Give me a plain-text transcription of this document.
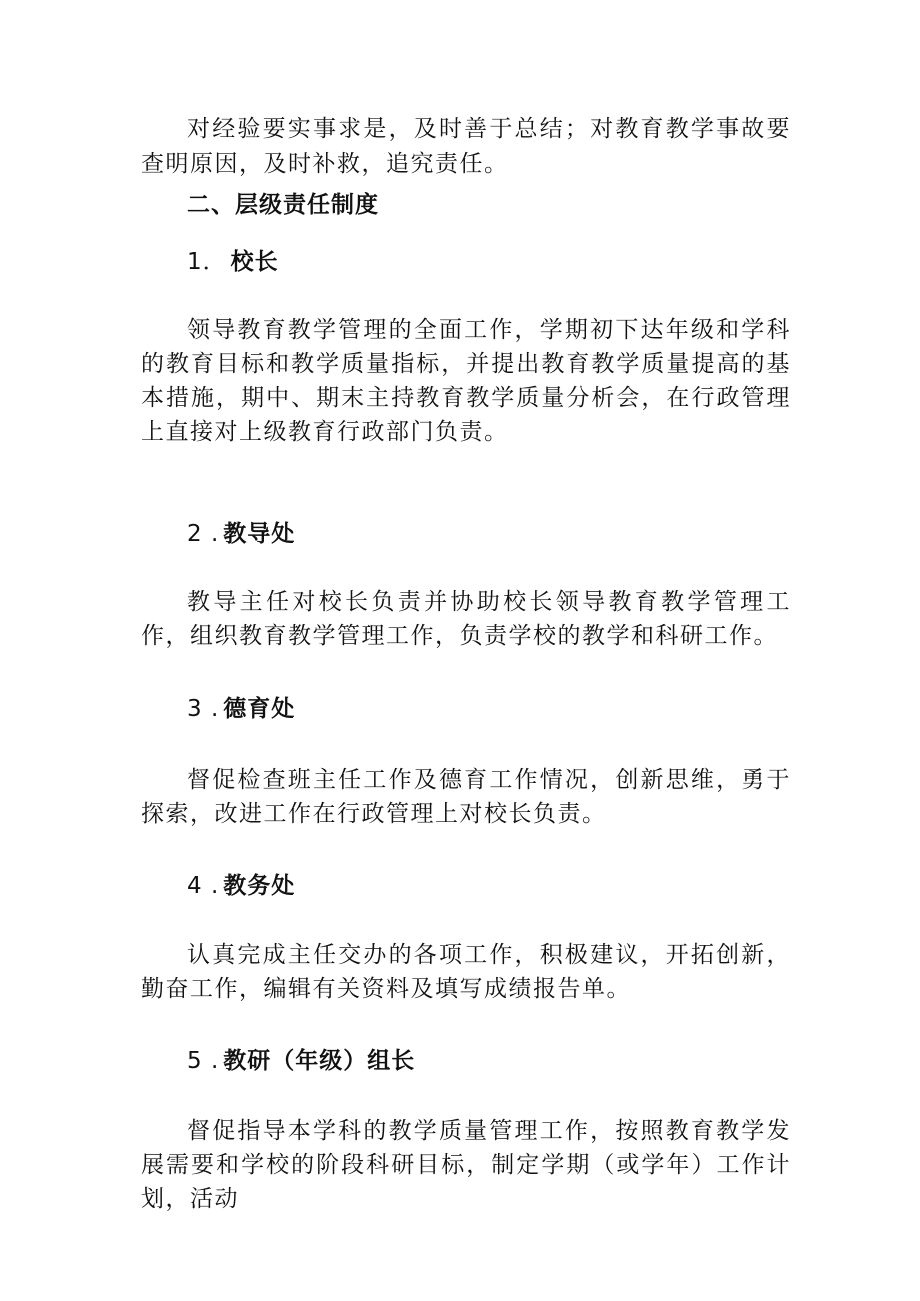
对经验要实事求是，及时善于总结；对教育教学事故要查明原因，及时补救，追究责任。

二、层级责任制度
1． 校长

领导教育教学管理的全面工作，学期初下达年级和学科的教育目标和教学质量指标，并提出教育教学质量提高的基本措施，期中、期末主持教育教学质量分析会，在行政管理上直接对上级教育行政部门负责。

2 . 教导处

教导主任对校长负责并协助校长领导教育教学管理工作，组织教育教学管理工作，负责学校的教学和科研工作。

3 . 德育处

督促检查班主任工作及德育工作情况，创新思维，勇于探索，改进工作在行政管理上对校长负责。

4 . 教务处

认真完成主任交办的各项工作，积极建议，开拓创新，勤奋工作，编辑有关资料及填写成绩报告单。

5 . 教研（年级）组长

督促指导本学科的教学质量管理工作，按照教育教学发展需要和学校的阶段科研目标，制定学期（或学年）工作计划，活动
